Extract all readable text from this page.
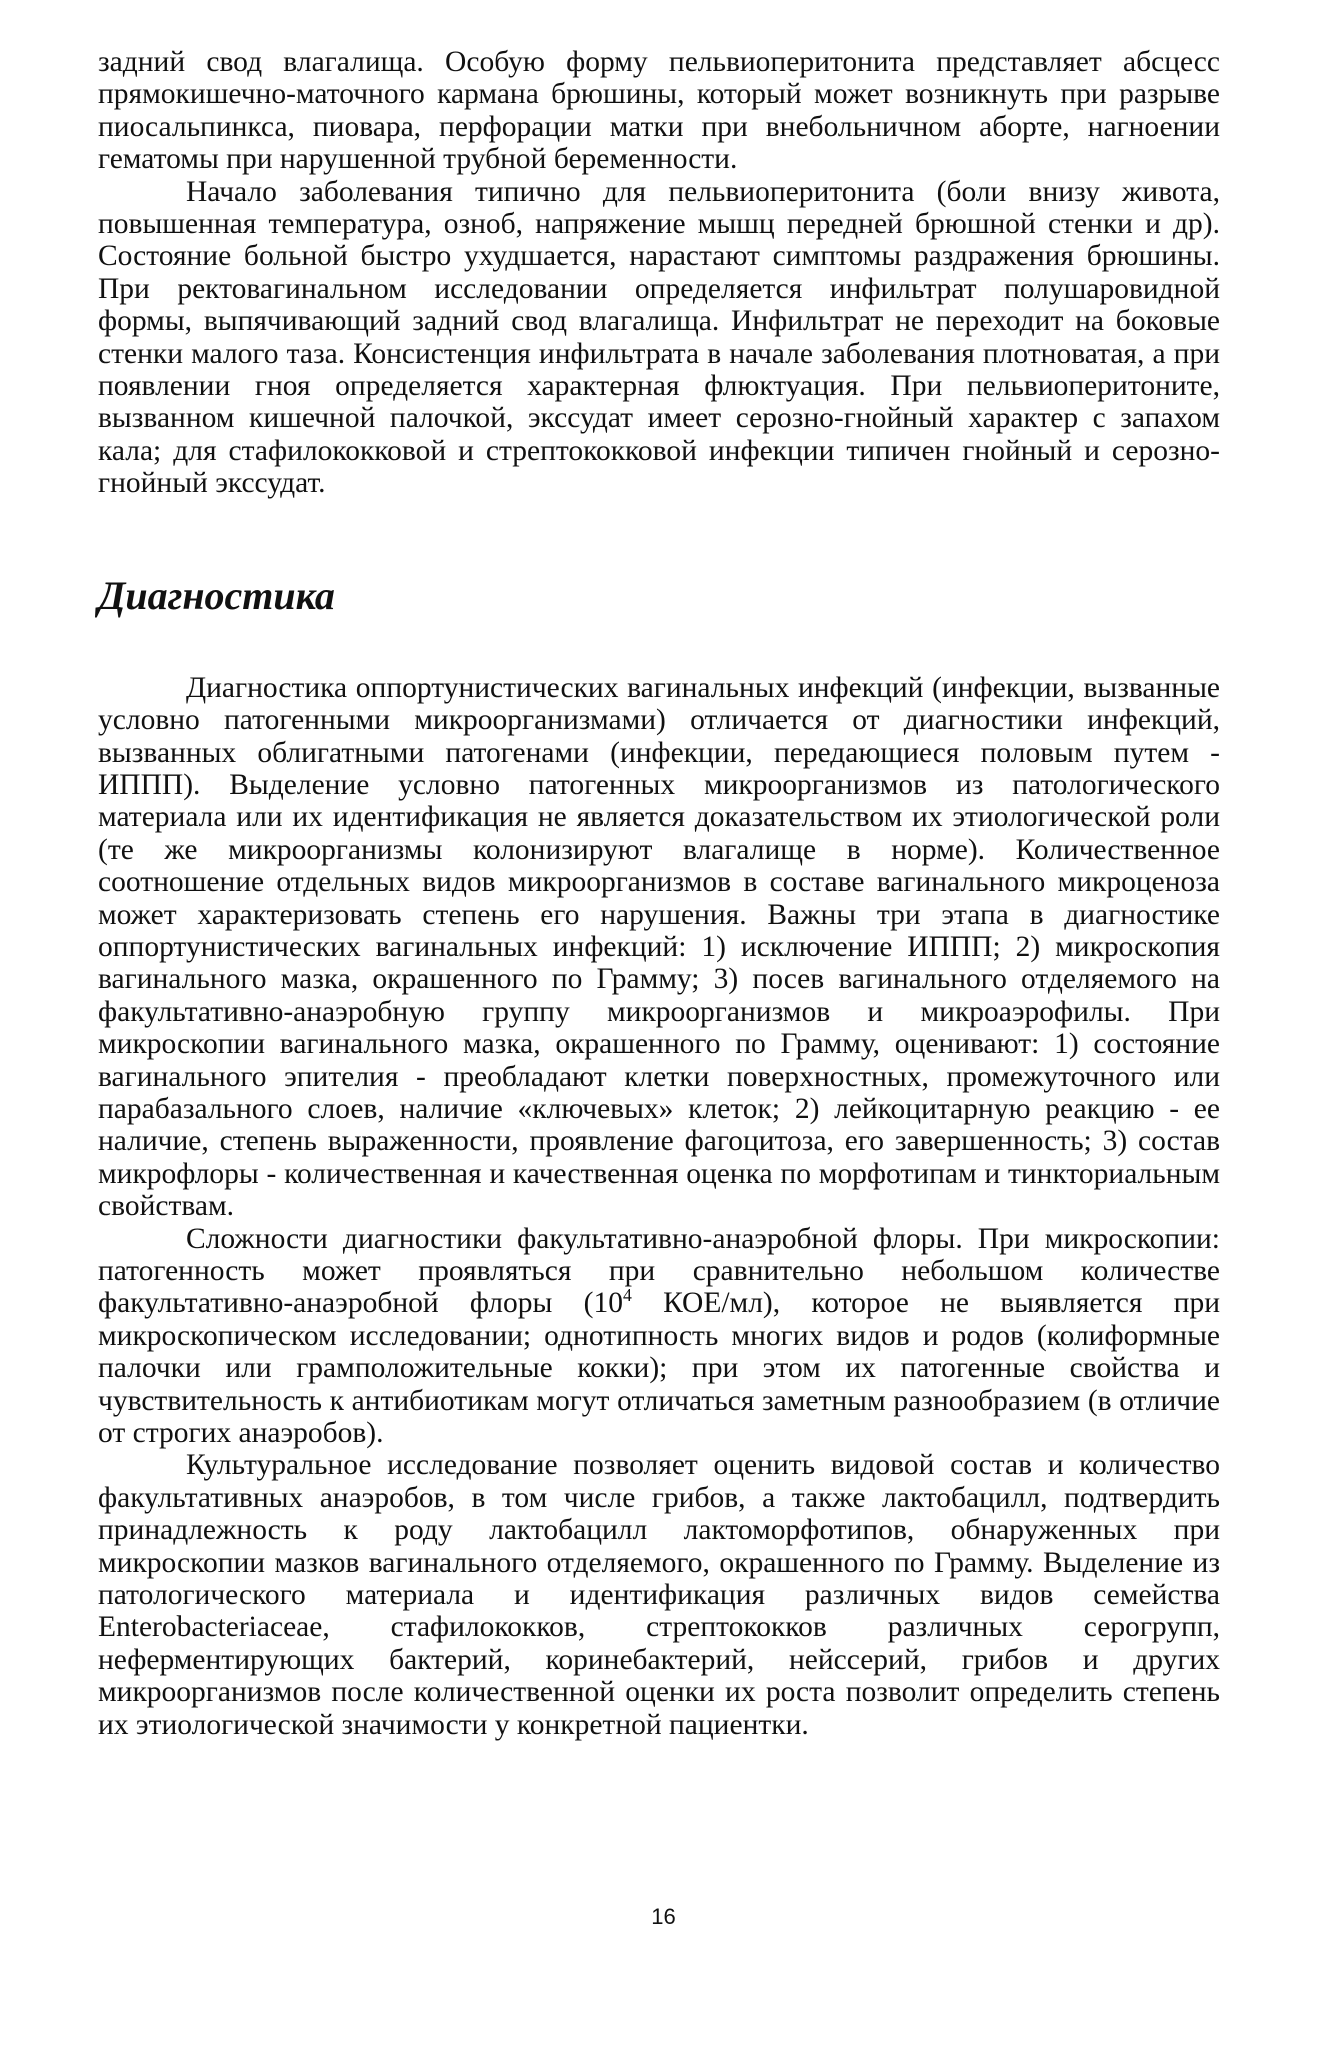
задний свод влагалища. Особую форму пельвиоперитонита представляет абсцесс прямокишечно-маточного кармана брюшины, который может возникнуть при разрыве пиосальпинкса, пиовара, перфорации матки при внебольничном аборте, нагноении гематомы при нарушенной трубной беременности.

Начало заболевания типично для пельвиоперитонита (боли внизу живота, повышенная температура, озноб, напряжение мышц передней брюшной стенки и др). Состояние больной быстро ухудшается, нарастают симптомы раздражения брюшины. При ректовагинальном исследовании определяется инфильтрат полушаровидной формы, выпячивающий задний свод влагалища. Инфильтрат не переходит на боковые стенки малого таза. Консистенция инфильтрата в начале заболевания плотноватая, а при появлении гноя определяется характерная флюктуация. При пельвиоперитоните, вызванном кишечной палочкой, экссудат имеет серозно-гнойный характер с запахом кала; для стафилококковой и стрептококковой инфекции типичен гнойный и серозно-гнойный экссудат.

Диагностика

Диагностика оппортунистических вагинальных инфекций (инфекции, вызванные условно патогенными микроорганизмами) отличается от диагностики инфекций, вызванных облигатными патогенами (инфекции, передающиеся половым путем - ИППП). Выделение условно патогенных микроорганизмов из патологического материала или их идентификация не является доказательством их этиологической роли (те же микроорганизмы колонизируют влагалище в норме). Количественное соотношение отдельных видов микроорганизмов в составе вагинального микроценоза может характеризовать степень его нарушения. Важны три этапа в диагностике оппортунистических вагинальных инфекций: 1) исключение ИППП; 2) микроскопия вагинального мазка, окрашенного по Грамму; 3) посев вагинального отделяемого на факультативно-анаэробную группу микроорганизмов и микроаэрофилы. При микроскопии вагинального мазка, окрашенного по Грамму, оценивают: 1) состояние вагинального эпителия - преобладают клетки поверхностных, промежуточного или парабазального слоев, наличие «ключевых» клеток; 2) лейкоцитарную реакцию - ее наличие, степень выраженности, проявление фагоцитоза, его завершенность; 3) состав микрофлоры - количественная и качественная оценка по морфотипам и тинкториальным свойствам.

Сложности диагностики факультативно-анаэробной флоры. При микроскопии: патогенность может проявляться при сравнительно небольшом количестве факультативно-анаэробной флоры ($10^4$ КОЕ/мл), которое не выявляется при микроскопическом исследовании; однотипность многих видов и родов (колиформные палочки или грамположительные кокки); при этом их патогенные свойства и чувствительность к антибиотикам могут отличаться заметным разнообразием (в отличие от строгих анаэробов).

Культуральное исследование позволяет оценить видовой состав и количество факультативных анаэробов, в том числе грибов, а также лактобацилл, подтвердить принадлежность к роду лактобацилл лактоморфотипов, обнаруженных при микроскопии мазков вагинального отделяемого, окрашенного по Грамму. Выделение из патологического материала и идентификация различных видов семейства Enterobacteriaceae, стафилококков, стрептококков различных серогрупп, неферментирующих бактерий, коринебактерий, нейссерий, грибов и других микроорганизмов после количественной оценки их роста позволит определить степень их этиологической значимости у конкретной пациентки.

16
